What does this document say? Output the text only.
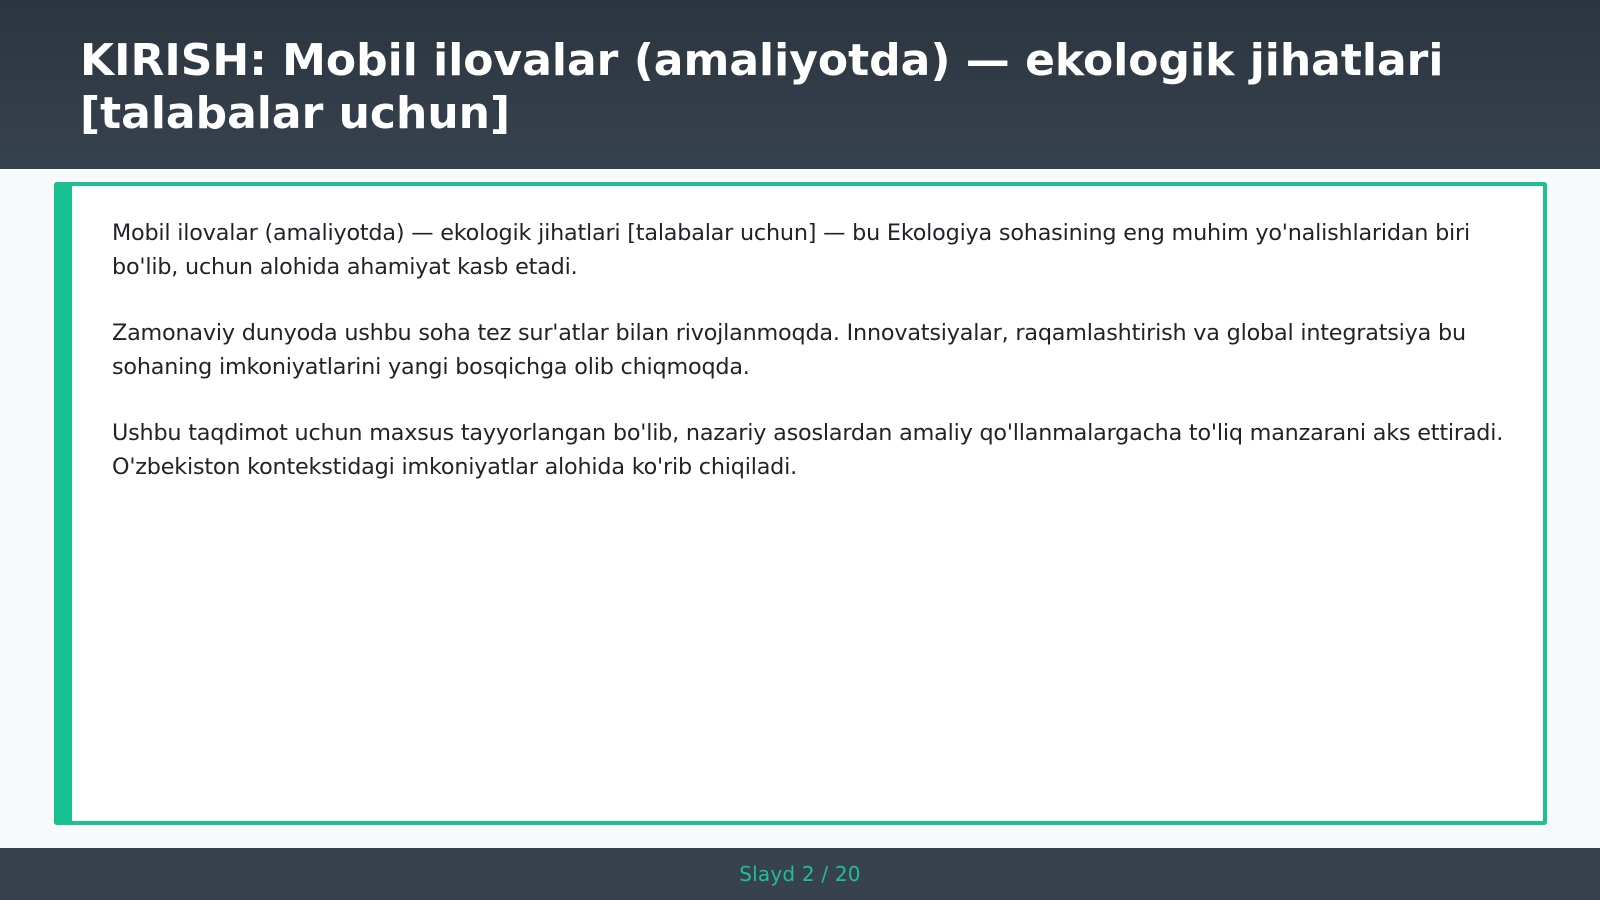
KIRISH: Mobil ilovalar (amaliyotda) — ekologik jihatlari [talabalar uchun]

Mobil ilovalar (amaliyotda) — ekologik jihatlari [talabalar uchun] — bu Ekologiya sohasining eng muhim yo'nalishlaridan biri bo'lib, uchun alohida ahamiyat kasb etadi.

Zamonaviy dunyoda ushbu soha tez sur'atlar bilan rivojlanmoqda. Innovatsiyalar, raqamlashtirish va global integratsiya bu sohaning imkoniyatlarini yangi bosqichga olib chiqmoqda.

Ushbu taqdimot uchun maxsus tayyorlangan bo'lib, nazariy asoslardan amaliy qo'llanmalargacha to'liq manzarani aks ettiradi. O'zbekiston kontekstidagi imkoniyatlar alohida ko'rib chiqiladi.

Slayd 2 / 20
